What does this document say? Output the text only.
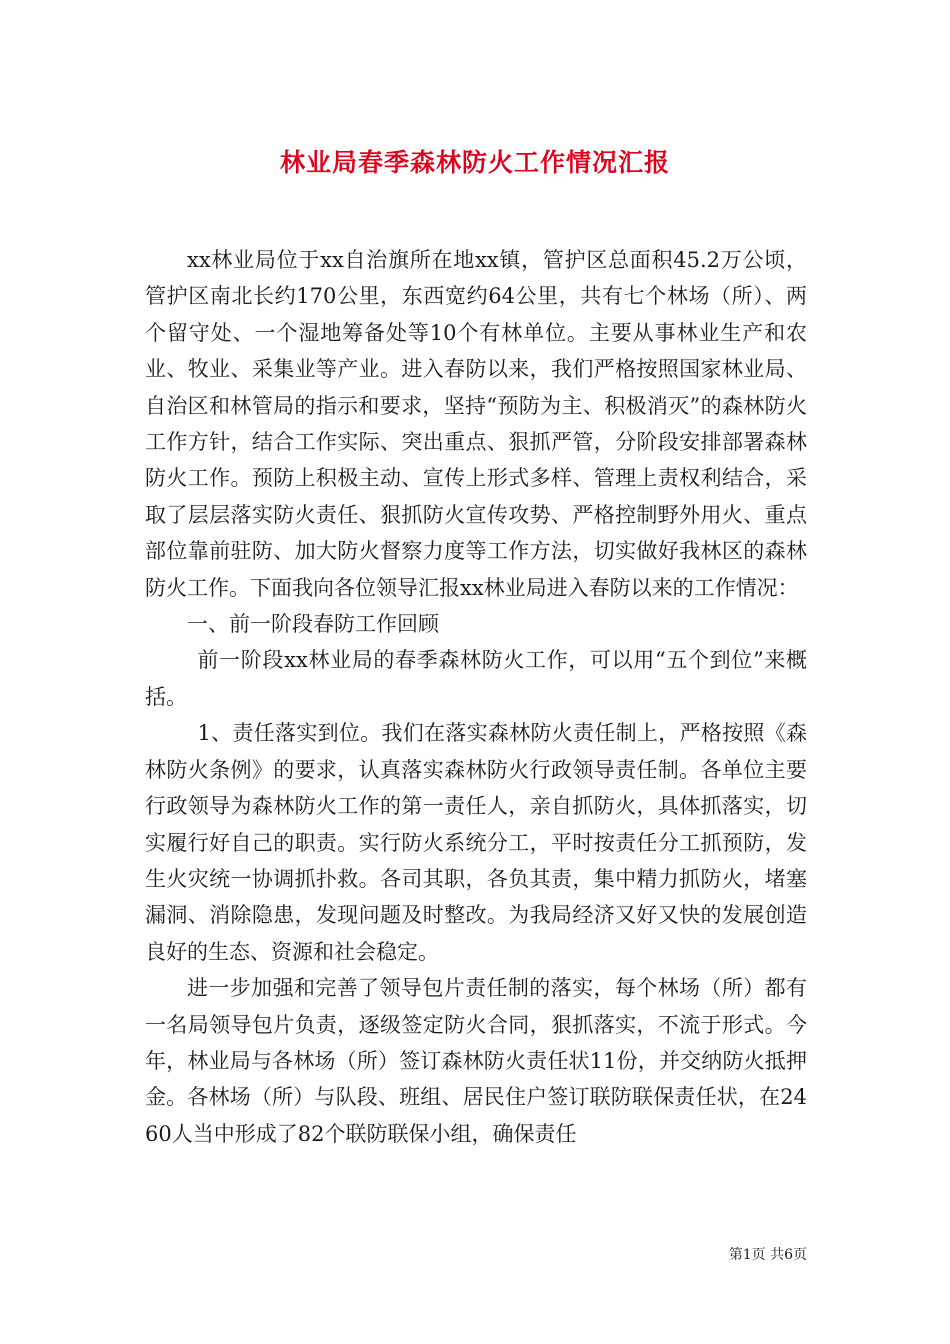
林业局春季森林防火工作情况汇报

xx林业局位于xx自治旗所在地xx镇，管护区总面积45.2万公顷，管护区南北长约170公里，东西宽约64公里，共有七个林场（所）、两个留守处、一个湿地筹备处等10个有林单位。主要从事林业生产和农业、牧业、采集业等产业。进入春防以来，我们严格按照国家林业局、自治区和林管局的指示和要求，坚持“预防为主、积极消灭”的森林防火工作方针，结合工作实际、突出重点、狠抓严管，分阶段安排部署森林防火工作。预防上积极主动、宣传上形式多样、管理上责权利结合，采取了层层落实防火责任、狠抓防火宣传攻势、严格控制野外用火、重点部位靠前驻防、加大防火督察力度等工作方法，切实做好我林区的森林防火工作。下面我向各位领导汇报xx林业局进入春防以来的工作情况：

一、前一阶段春防工作回顾

前一阶段xx林业局的春季森林防火工作，可以用“五个到位”来概括。

1、责任落实到位。我们在落实森林防火责任制上，严格按照《森林防火条例》的要求，认真落实森林防火行政领导责任制。各单位主要行政领导为森林防火工作的第一责任人，亲自抓防火，具体抓落实，切实履行好自己的职责。实行防火系统分工，平时按责任分工抓预防，发生火灾统一协调抓扑救。各司其职，各负其责，集中精力抓防火，堵塞漏洞、消除隐患，发现问题及时整改。为我局经济又好又快的发展创造良好的生态、资源和社会稳定。

进一步加强和完善了领导包片责任制的落实，每个林场（所）都有一名局领导包片负责，逐级签定防火合同，狠抓落实，不流于形式。今年，林业局与各林场（所）签订森林防火责任状11份，并交纳防火抵押金。各林场（所）与队段、班组、居民住户签订联防联保责任状，在2460人当中形成了82个联防联保小组，确保责任

第1页 共6页
